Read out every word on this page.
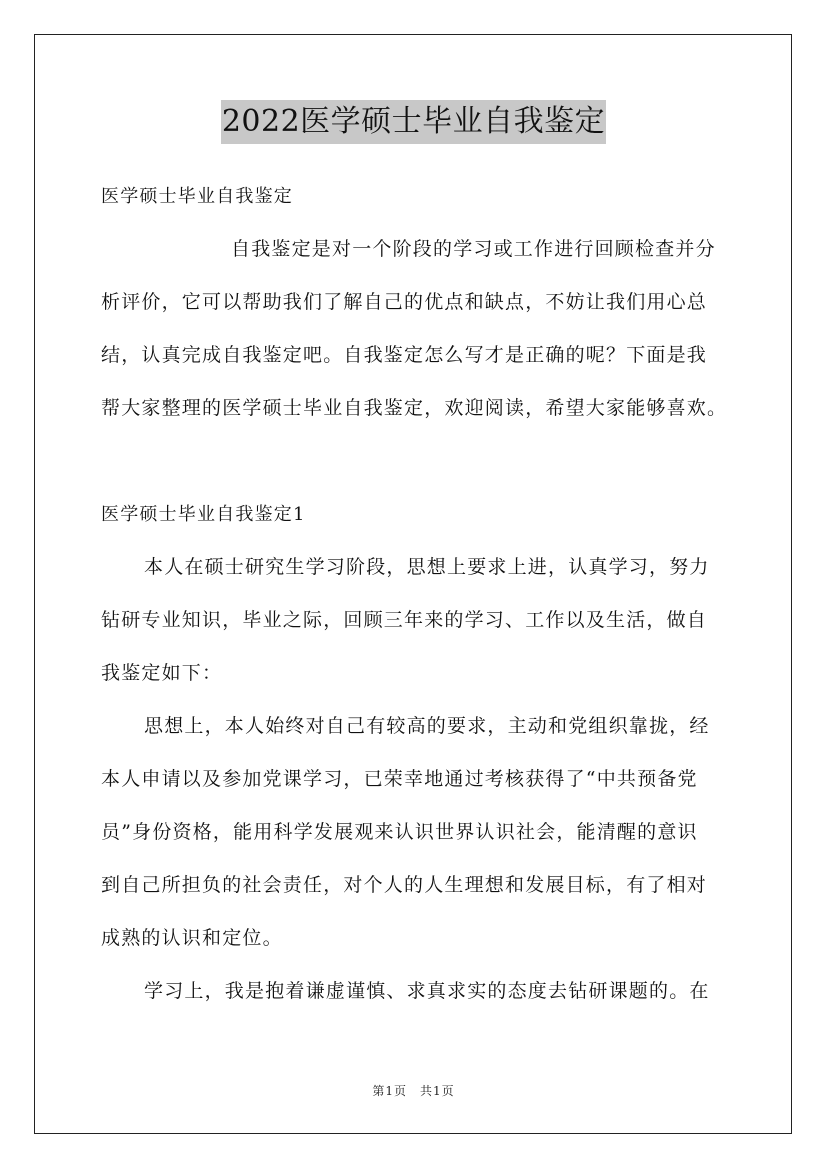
2022医学硕士毕业自我鉴定
医学硕士毕业自我鉴定
自我鉴定是对一个阶段的学习或工作进行回顾检查并分
析评价，它可以帮助我们了解自己的优点和缺点，不妨让我们用心总
结，认真完成自我鉴定吧。自我鉴定怎么写才是正确的呢？下面是我
帮大家整理的医学硕士毕业自我鉴定，欢迎阅读，希望大家能够喜欢。

医学硕士毕业自我鉴定1
本人在硕士研究生学习阶段，思想上要求上进，认真学习，努力
钻研专业知识，毕业之际，回顾三年来的学习、工作以及生活，做自
我鉴定如下：
思想上，本人始终对自己有较高的要求，主动和党组织靠拢，经
本人申请以及参加党课学习，已荣幸地通过考核获得了“中共预备党
员”身份资格，能用科学发展观来认识世界认识社会，能清醒的意识
到自己所担负的社会责任，对个人的人生理想和发展目标，有了相对
成熟的认识和定位。
学习上，我是抱着谦虚谨慎、求真求实的态度去钻研课题的。在
第1页　共1页
